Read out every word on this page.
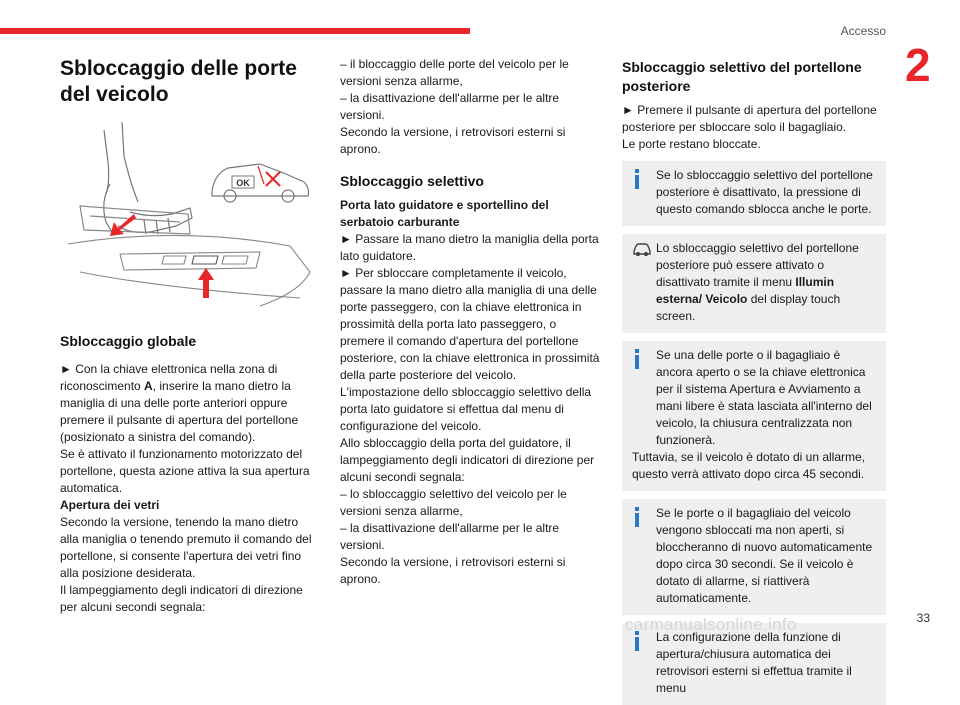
Accesso
2
Sbloccaggio delle porte del veicolo
OK
Sbloccaggio globale

► Con la chiave elettronica nella zona di riconoscimento A, inserire la mano dietro la maniglia di una delle porte anteriori oppure premere il pulsante di apertura del portellone (posizionato a sinistra del comando).

Se è attivato il funzionamento motorizzato del portellone, questa azione attiva la sua apertura automatica.

Apertura dei vetri

Secondo la versione, tenendo la mano dietro alla maniglia o tenendo premuto il comando del portellone, si consente l'apertura dei vetri fino alla posizione desiderata.

Il lampeggiamento degli indicatori di direzione per alcuni secondi segnala:

– il bloccaggio delle porte del veicolo per le versioni senza allarme,

– la disattivazione dell'allarme per le altre versioni.

Secondo la versione, i retrovisori esterni si aprono.

Sbloccaggio selettivo

Porta lato guidatore e sportellino del serbatoio carburante

► Passare la mano dietro la maniglia della porta lato guidatore.

► Per sbloccare completamente il veicolo, passare la mano dietro alla maniglia di una delle porte passeggero, con la chiave elettronica in prossimità della porta lato passeggero, o premere il comando d'apertura del portellone posteriore, con la chiave elettronica in prossimità della parte posteriore del veicolo.

L'impostazione dello sbloccaggio selettivo della porta lato guidatore si effettua dal menu di configurazione del veicolo.

Allo sbloccaggio della porta del guidatore, il lampeggiamento degli indicatori di direzione per alcuni secondi segnala:

– lo sbloccaggio selettivo del veicolo per le versioni senza allarme,

– la disattivazione dell'allarme per le altre versioni.

Secondo la versione, i retrovisori esterni si aprono.

Sbloccaggio selettivo del portellone posteriore

► Premere il pulsante di apertura del portellone posteriore per sbloccare solo il bagagliaio.

Le porte restano bloccate.

Se lo sbloccaggio selettivo del portellone posteriore è disattivato, la pressione di questo comando sblocca anche le porte.
Lo sbloccaggio selettivo del portellone posteriore può essere attivato o disattivato tramite il menu Illumin esterna/ Veicolo del display touch screen.
Se una delle porte o il bagagliaio è ancora aperto o se la chiave elettronica per il sistema Apertura e Avviamento a mani libere è stata lasciata all'interno del veicolo, la chiusura centralizzata non funzionerà.
Tuttavia, se il veicolo è dotato di un allarme, questo verrà attivato dopo circa 45 secondi.
Se le porte o il bagagliaio del veicolo vengono sbloccati ma non aperti, si bloccheranno di nuovo automaticamente dopo circa 30 secondi. Se il veicolo è dotato di allarme, si riattiverà automaticamente.
La configurazione della funzione di apertura/chiusura automatica dei retrovisori esterni si effettua tramite il menu
carmanualsonline.info	33
